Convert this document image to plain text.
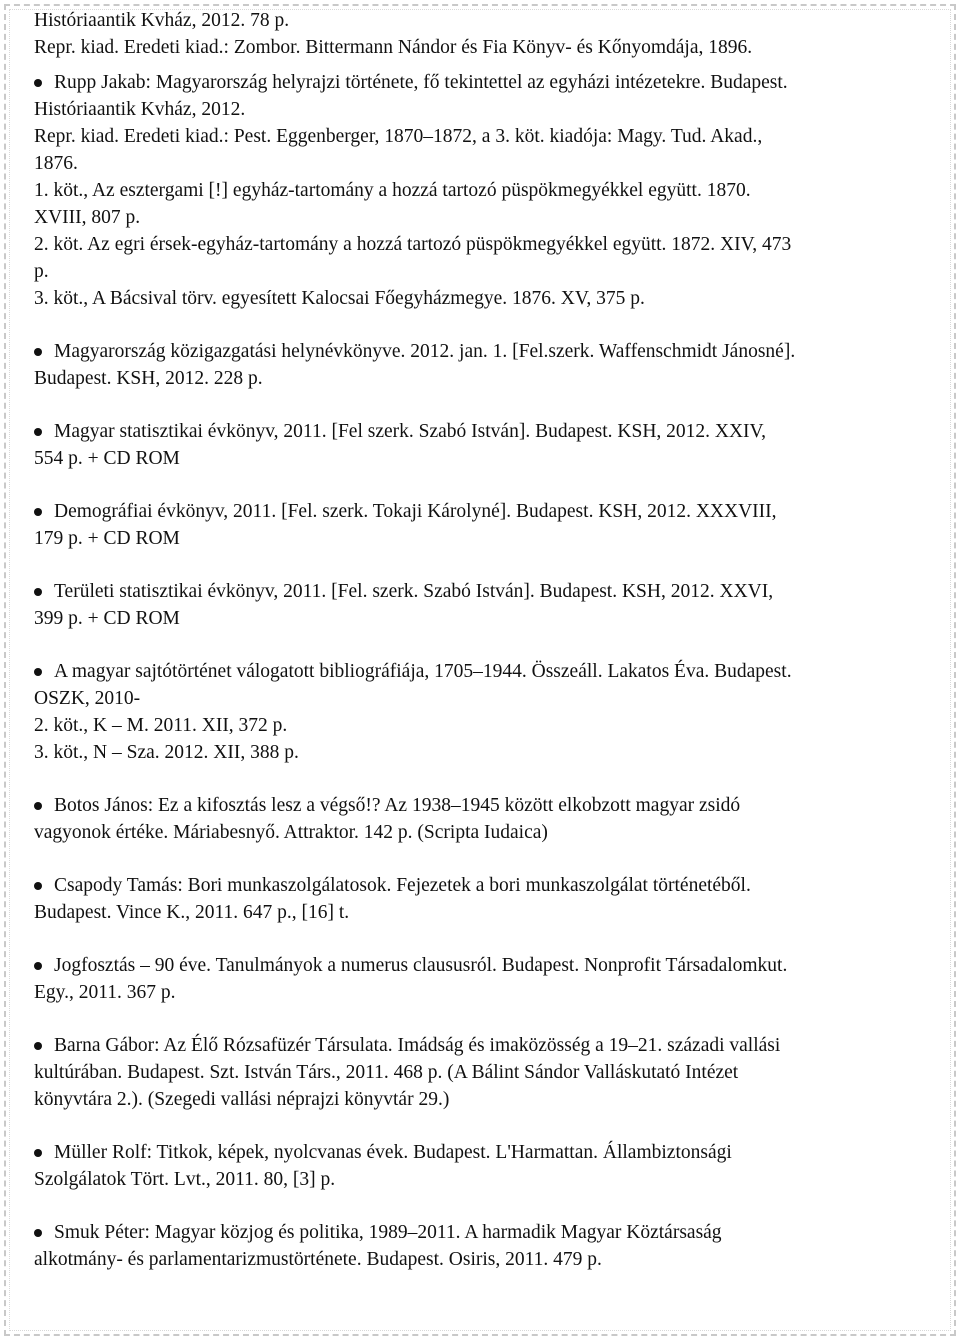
Históriaantik Kvház, 2012. 78 p.
Repr. kiad. Eredeti kiad.: Zombor. Bittermann Nándor és Fia Könyv- és Kőnyomdája, 1896.
Rupp Jakab: Magyarország helyrajzi története, fő tekintettel az egyházi intézetekre. Budapest.
Históriaantik Kvház, 2012.
Repr. kiad. Eredeti kiad.: Pest. Eggenberger, 1870‒1872, a 3. köt. kiadója: Magy. Tud. Akad.,
1876.
1. köt., Az esztergami [!] egyház-tartomány a hozzá tartozó püspökmegyékkel együtt. 1870.
XVIII, 807 p.
2. köt. Az egri érsek-egyház-tartomány a hozzá tartozó püspökmegyékkel együtt. 1872. XIV, 473
p.
3. köt., A Bácsival törv. egyesített Kalocsai Főegyházmegye. 1876. XV, 375 p.
Magyarország közigazgatási helynévkönyve. 2012. jan. 1. [Fel.szerk. Waffenschmidt Jánosné].
Budapest. KSH, 2012. 228 p.
Magyar statisztikai évkönyv, 2011. [Fel szerk. Szabó István]. Budapest. KSH, 2012. XXIV,
554 p. + CD ROM
Demográfiai évkönyv, 2011. [Fel. szerk. Tokaji Károlyné]. Budapest. KSH, 2012. XXXVIII,
179 p. + CD ROM
Területi statisztikai évkönyv, 2011. [Fel. szerk. Szabó István]. Budapest. KSH, 2012. XXVI,
399 p. + CD ROM
A magyar sajtótörténet válogatott bibliográfiája, 1705‒1944. Összeáll. Lakatos Éva. Budapest.
OSZK, 2010-
2. köt., K ‒ M. 2011. XII, 372 p.
3. köt., N ‒ Sza. 2012. XII, 388 p.
Botos János: Ez a kifosztás lesz a végső!? Az 1938‒1945 között elkobzott magyar zsidó
vagyonok értéke. Máriabesnyő. Attraktor. 142 p. (Scripta Iudaica)
Csapody Tamás: Bori munkaszolgálatosok. Fejezetek a bori munkaszolgálat történetéből.
Budapest. Vince K., 2011. 647 p., [16] t.
Jogfosztás ‒ 90 éve. Tanulmányok a numerus claususról. Budapest. Nonprofit Társadalomkut.
Egy., 2011. 367 p.
Barna Gábor: Az Élő Rózsafüzér Társulata. Imádság és imaközösség a 19‒21. századi vallási
kultúrában. Budapest. Szt. István Társ., 2011. 468 p. (A Bálint Sándor Valláskutató Intézet
könyvtára 2.). (Szegedi vallási néprajzi könyvtár 29.)
Müller Rolf: Titkok, képek, nyolcvanas évek. Budapest. L'Harmattan. Állambiztonsági
Szolgálatok Tört. Lvt., 2011. 80, [3] p.
Smuk Péter: Magyar közjog és politika, 1989‒2011. A harmadik Magyar Köztársaság
alkotmány- és parlamentarizmustörténete. Budapest. Osiris, 2011. 479 p.
